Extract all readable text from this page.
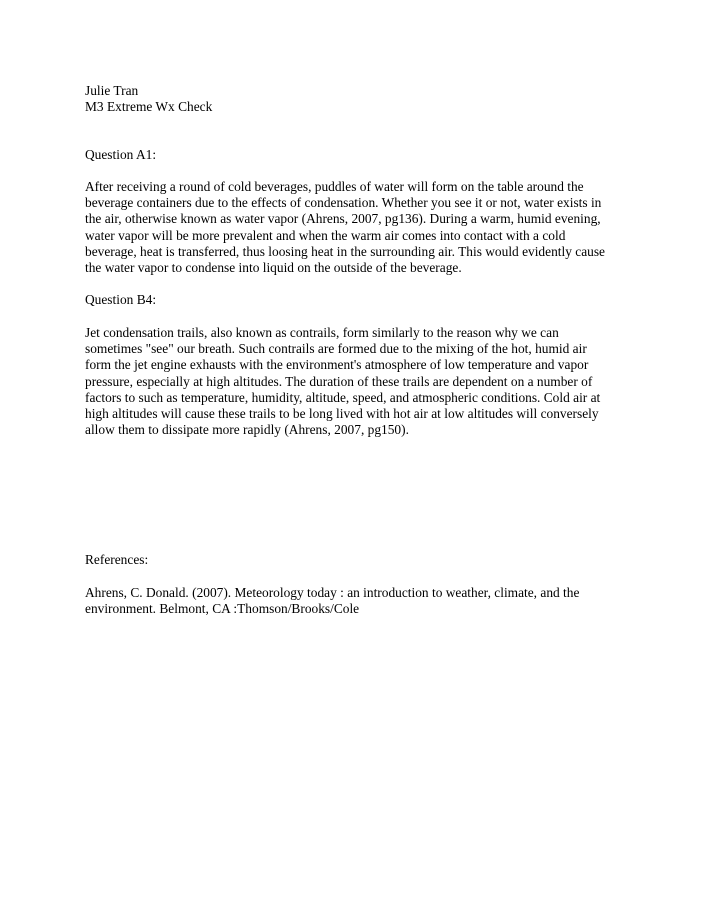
Julie Tran
M3 Extreme Wx Check
Question A1:
After receiving a round of cold beverages, puddles of water will form on the table around the
beverage containers due to the effects of condensation. Whether you see it or not, water exists in
the air, otherwise known as water vapor (Ahrens, 2007, pg136). During a warm, humid evening,
water vapor will be more prevalent and when the warm air comes into contact with a cold
beverage, heat is transferred, thus loosing heat in the surrounding air. This would evidently cause
the water vapor to condense into liquid on the outside of the beverage.
Question B4:
Jet condensation trails, also known as contrails, form similarly to the reason why we can
sometimes "see" our breath. Such contrails are formed due to the mixing of the hot, humid air
form the jet engine exhausts with the environment's atmosphere of low temperature and vapor
pressure, especially at high altitudes. The duration of these trails are dependent on a number of
factors to such as temperature, humidity, altitude, speed, and atmospheric conditions. Cold air at
high altitudes will cause these trails to be long lived with hot air at low altitudes will conversely
allow them to dissipate more rapidly (Ahrens, 2007, pg150).
References:
Ahrens, C. Donald. (2007). Meteorology today : an introduction to weather, climate, and the
environment. Belmont, CA :Thomson/Brooks/Cole
